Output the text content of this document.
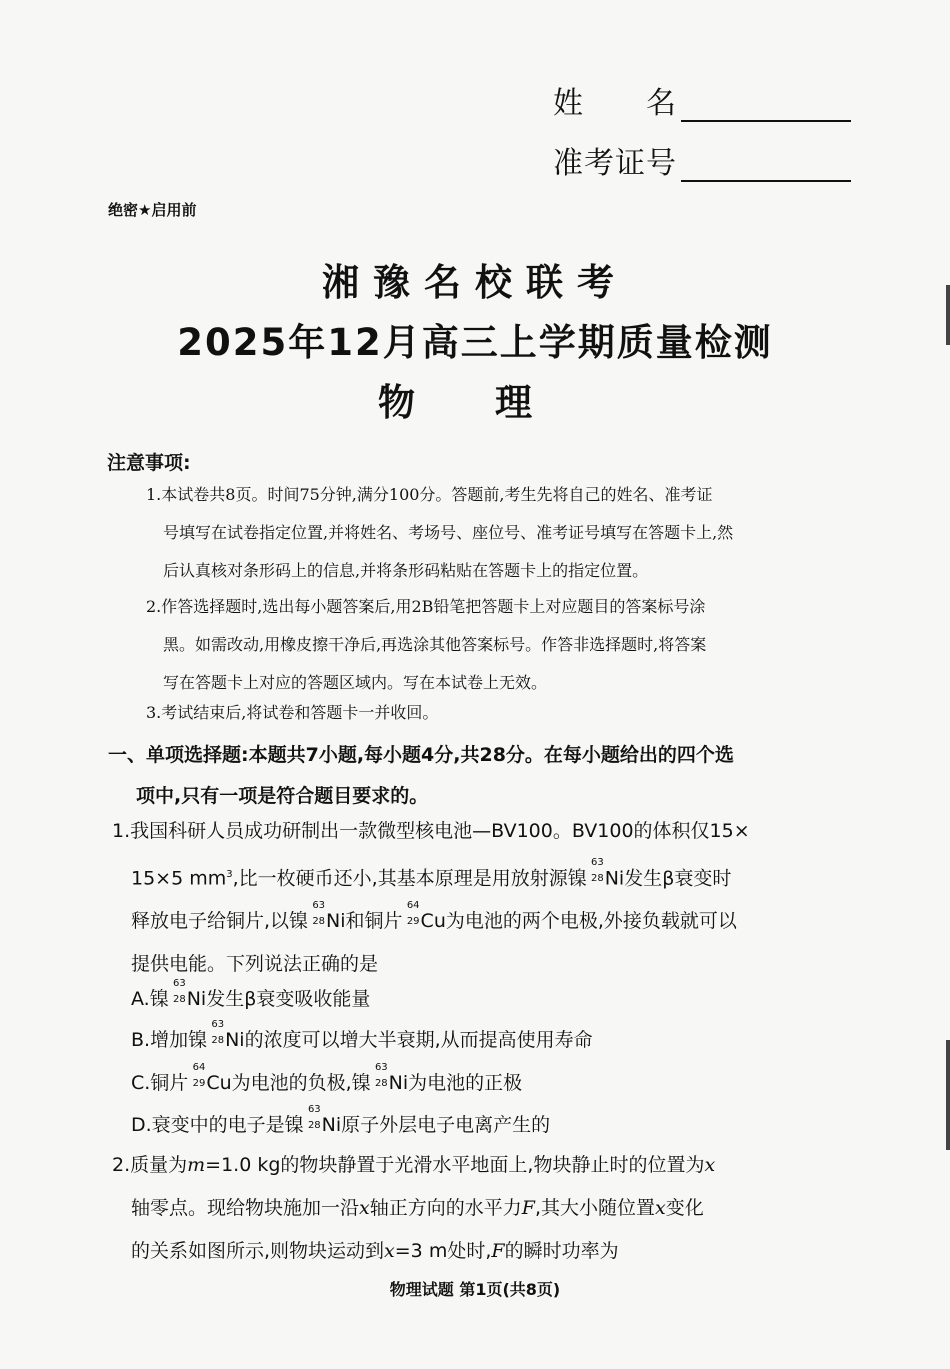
姓　　名
准考证号
绝密★启用前
湘豫名校联考
2025年12月高三上学期质量检测
物理
注意事项:

1.本试卷共8页。时间75分钟,满分100分。答题前,考生先将自己的姓名、准考证

号填写在试卷指定位置,并将姓名、考场号、座位号、准考证号填写在答题卡上,然

后认真核对条形码上的信息,并将条形码粘贴在答题卡上的指定位置。

2.作答选择题时,选出每小题答案后,用2B铅笔把答题卡上对应题目的答案标号涂

黑。如需改动,用橡皮擦干净后,再选涂其他答案标号。作答非选择题时,将答案

写在答题卡上对应的答题区域内。写在本试卷上无效。

3.考试结束后,将试卷和答题卡一并收回。

一、单项选择题:本题共7小题,每小题4分,共28分。在每小题给出的四个选
项中,只有一项是符合题目要求的。

1.我国科研人员成功研制出一款微型核电池—BV100。BV100的体积仅15×

15×5 $mm^3$,比一枚硬币还小,其基本原理是用放射源镍
63
28 Ni发生β衰变时

释放电子给铜片,以镍
63
28 Ni和铜片
64
29 Cu为电池的两个电极,外接负载就可以

提供电能。下列说法正确的是

A.镍
63
28 Ni发生β衰变吸收能量
B.增加镍
63
28 Ni的浓度可以增大半衰期,从而提高使用寿命
C.铜片
64
29 Cu为电池的负极,镍
63
28 Ni为电池的正极
D.衰变中的电子是镍
63
28 Ni原子外层电子电离产生的

2.质量为m=1.0 kg的物块静置于光滑水平地面上,物块静止时的位置为x

轴零点。现给物块施加一沿x轴正方向的水平力F,其大小随位置x变化

的关系如图所示,则物块运动到x=3 m处时,F的瞬时功率为

物理试题 第1页(共8页)
